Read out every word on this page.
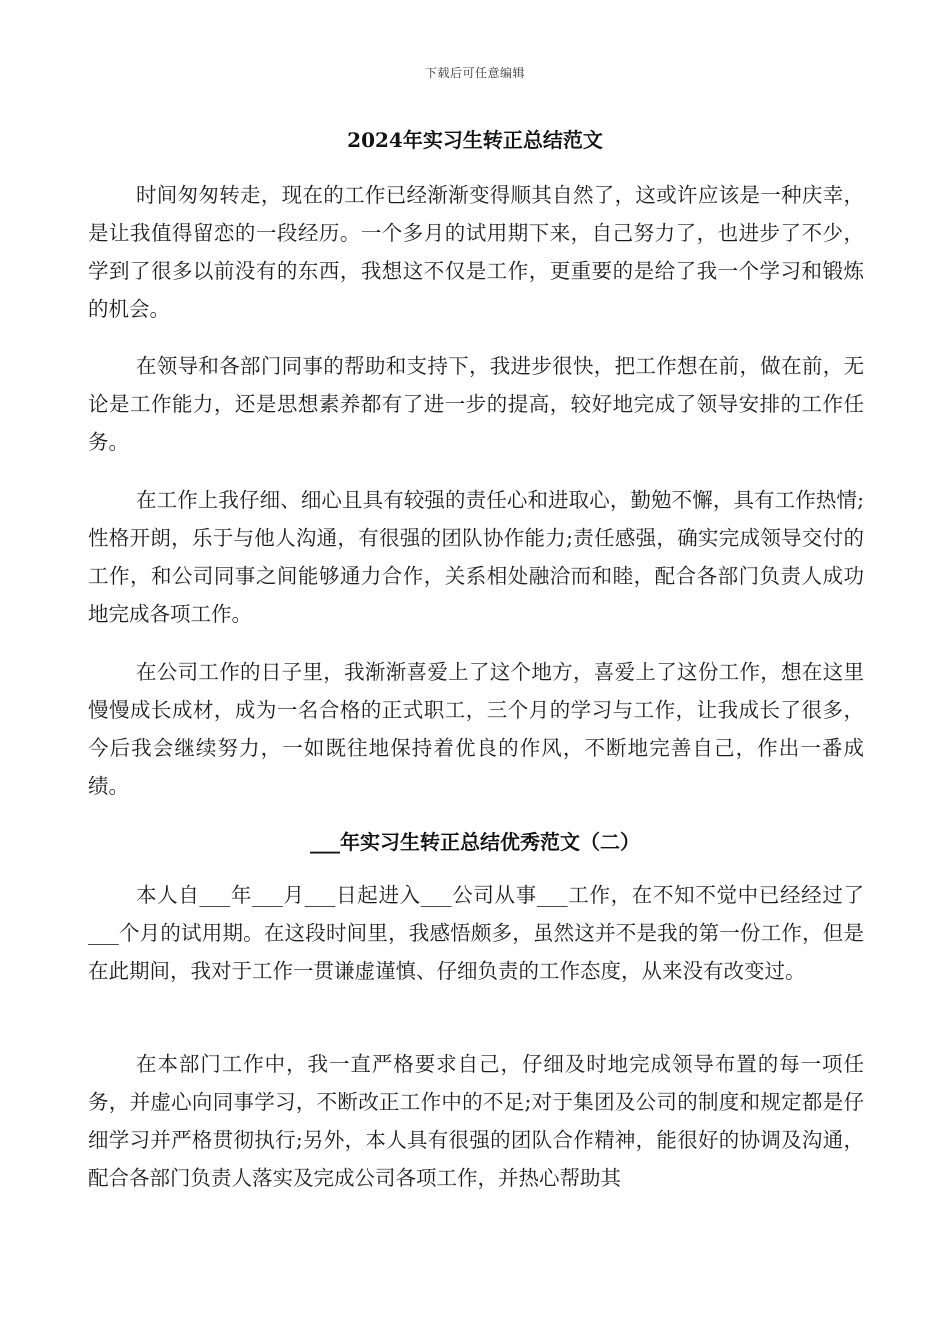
下载后可任意编辑
2024年实习生转正总结范文

时间匆匆转走，现在的工作已经渐渐变得顺其自然了，这或许应该是一种庆幸，是让我值得留恋的一段经历。一个多月的试用期下来，自己努力了，也进步了不少，学到了很多以前没有的东西，我想这不仅是工作，更重要的是给了我一个学习和锻炼的机会。

在领导和各部门同事的帮助和支持下，我进步很快，把工作想在前，做在前，无论是工作能力，还是思想素养都有了进一步的提高，较好地完成了领导安排的工作任务。

在工作上我仔细、细心且具有较强的责任心和进取心，勤勉不懈，具有工作热情;性格开朗，乐于与他人沟通，有很强的团队协作能力;责任感强，确实完成领导交付的工作，和公司同事之间能够通力合作，关系相处融洽而和睦，配合各部门负责人成功地完成各项工作。

在公司工作的日子里，我渐渐喜爱上了这个地方，喜爱上了这份工作，想在这里慢慢成长成材，成为一名合格的正式职工，三个月的学习与工作，让我成长了很多，今后我会继续努力，一如既往地保持着优良的作风，不断地完善自己，作出一番成绩。

___年实习生转正总结优秀范文（二）

本人自___年___月___日起进入___公司从事___工作，在不知不觉中已经经过了___个月的试用期。在这段时间里，我感悟颇多，虽然这并不是我的第一份工作，但是在此期间，我对于工作一贯谦虚谨慎、仔细负责的工作态度，从来没有改变过。

在本部门工作中，我一直严格要求自己，仔细及时地完成领导布置的每一项任务，并虚心向同事学习，不断改正工作中的不足;对于集团及公司的制度和规定都是仔细学习并严格贯彻执行;另外，本人具有很强的团队合作精神，能很好的协调及沟通，配合各部门负责人落实及完成公司各项工作，并热心帮助其
